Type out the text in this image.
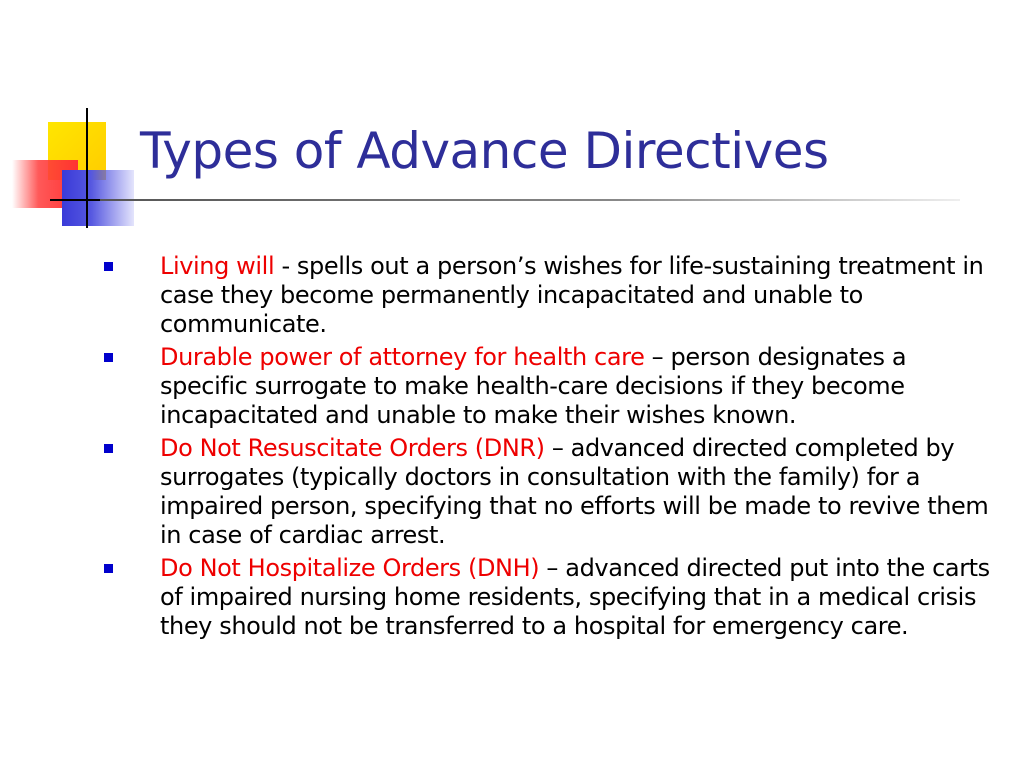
Types of Advance Directives
Living will - spells out a person’s wishes for life-sustaining treatment in case they become permanently incapacitated and unable to communicate.
Durable power of attorney for health care – person designates a specific surrogate to make health-care decisions if they become incapacitated and unable to make their wishes known.
Do Not Resuscitate Orders (DNR) – advanced directed completed by surrogates (typically doctors in consultation with the family) for a impaired person, specifying that no efforts will be made to revive them in case of cardiac arrest.
Do Not Hospitalize Orders (DNH) – advanced directed put into the carts of impaired nursing home residents, specifying that in a medical crisis they should not be transferred to a hospital for emergency care.
